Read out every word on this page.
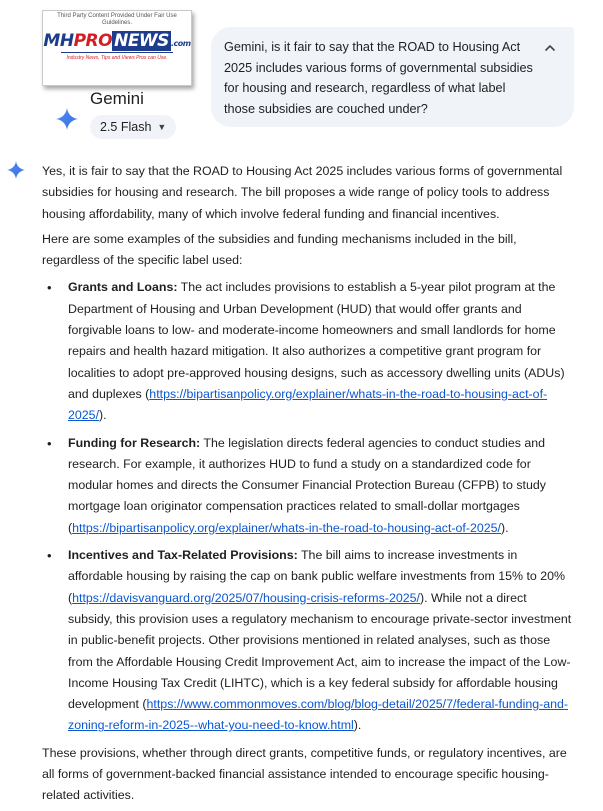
Third Party Content Provided Under Fair Use Guidelines.
MHPRO NEWS .com
Industry News, Tips and Views Pros can Use.
Gemini
2.5 Flash ▼
Gemini, is it fair to say that the ROAD to Housing Act 2025 includes various forms of governmental subsidies for housing and research, regardless of what label those subsidies are couched under?

Yes, it is fair to say that the ROAD to Housing Act 2025 includes various forms of governmental subsidies for housing and research. The bill proposes a wide range of policy tools to address housing affordability, many of which involve federal funding and financial incentives.

Here are some examples of the subsidies and funding mechanisms included in the bill, regardless of the specific label used:

• Grants and Loans: The act includes provisions to establish a 5-year pilot program at the Department of Housing and Urban Development (HUD) that would offer grants and forgivable loans to low- and moderate-income homeowners and small landlords for home repairs and health hazard mitigation. It also authorizes a competitive grant program for localities to adopt pre-approved housing designs, such as accessory dwelling units (ADUs) and duplexes (https://bipartisanpolicy.org/explainer/whats-in-the-road-to-housing-act-of-2025/).
• Funding for Research: The legislation directs federal agencies to conduct studies and research. For example, it authorizes HUD to fund a study on a standardized code for modular homes and directs the Consumer Financial Protection Bureau (CFPB) to study mortgage loan originator compensation practices related to small-dollar mortgages (https://bipartisanpolicy.org/explainer/whats-in-the-road-to-housing-act-of-2025/).
• Incentives and Tax-Related Provisions: The bill aims to increase investments in affordable housing by raising the cap on bank public welfare investments from 15% to 20% (https://davisvanguard.org/2025/07/housing-crisis-reforms-2025/). While not a direct subsidy, this provision uses a regulatory mechanism to encourage private-sector investment in public-benefit projects. Other provisions mentioned in related analyses, such as those from the Affordable Housing Credit Improvement Act, aim to increase the impact of the Low-Income Housing Tax Credit (LIHTC), which is a key federal subsidy for affordable housing development (https://www.commonmoves.com/blog/blog-detail/2025/7/federal-funding-and-zoning-reform-in-2025--what-you-need-to-know.html).

These provisions, whether through direct grants, competitive funds, or regulatory incentives, are all forms of government-backed financial assistance intended to encourage specific housing-related activities.
